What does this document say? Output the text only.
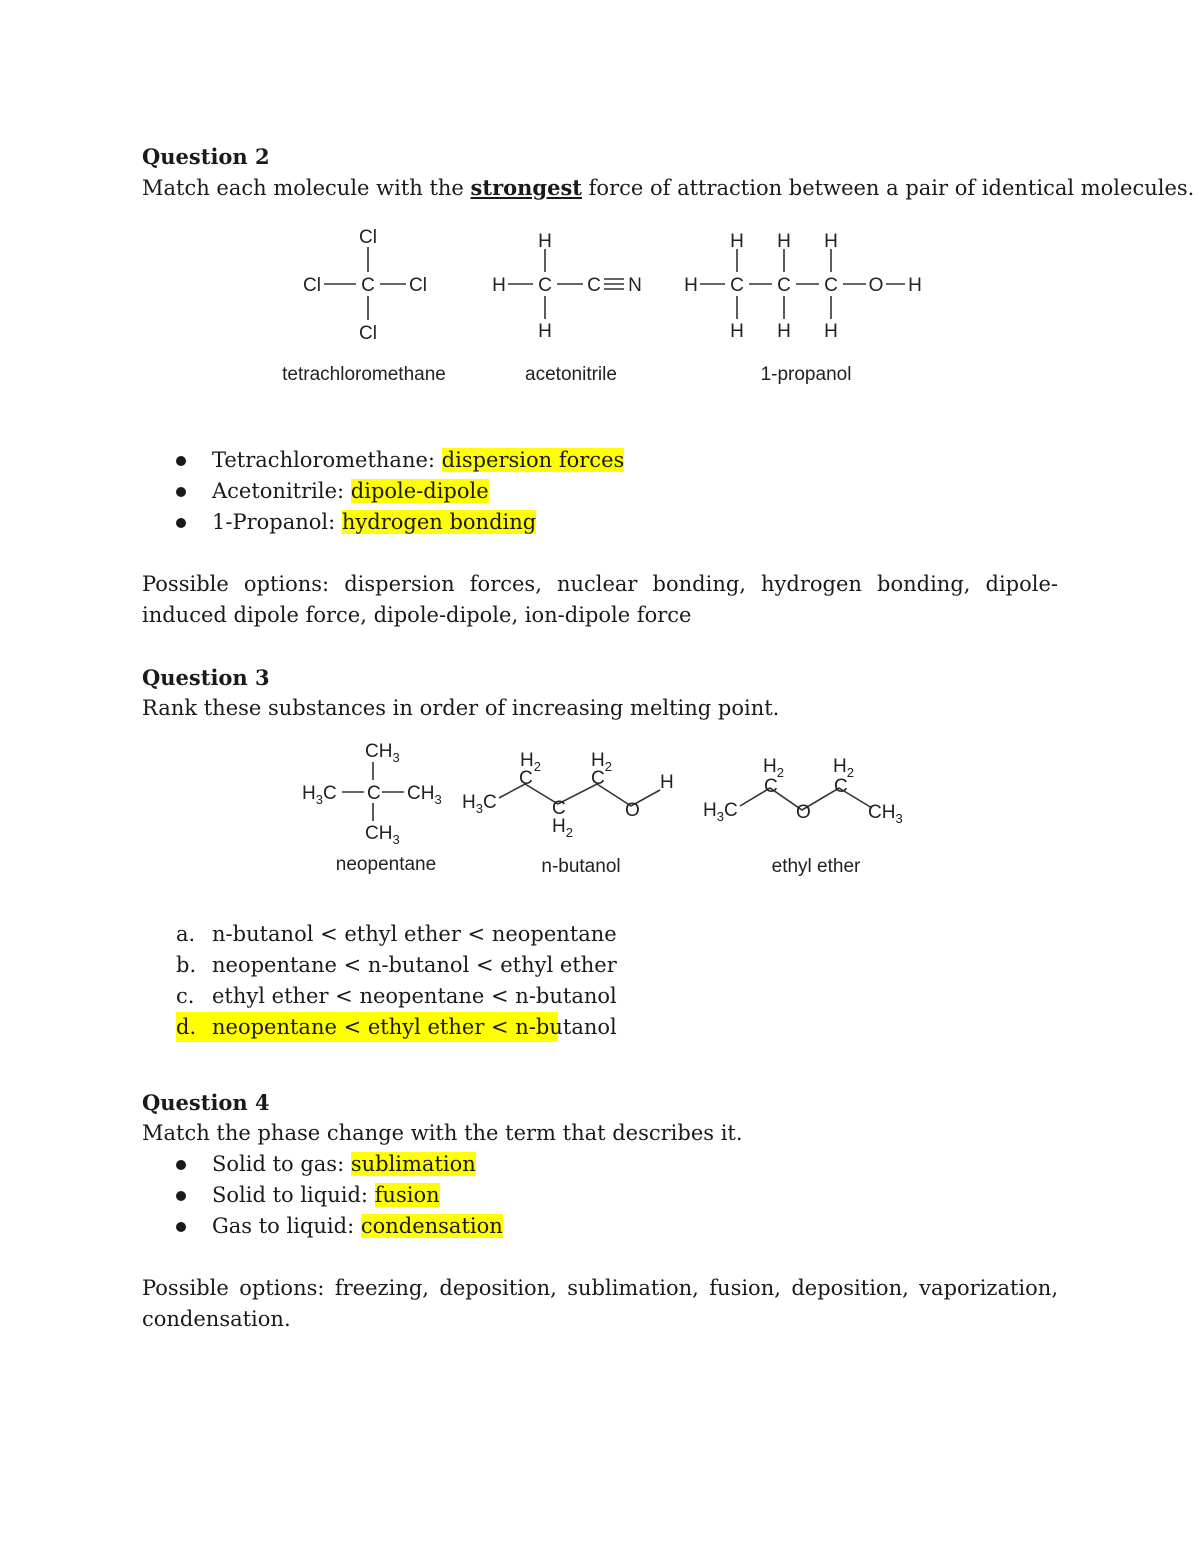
Question 2
Match each molecule with the strongest force of attraction between a pair of identical molecules.
Cl
Cl C Cl
Cl
H
H C C N
H
H H H
H C C C O H
H H H
tetrachloromethane	acetonitrile	1-propanol
Tetrachloromethane: dispersion forces
Acetonitrile: dipole-dipole
1-Propanol: hydrogen bonding
Possible options: dispersion forces, nuclear bonding, hydrogen bonding, dipole-induced dipole force, dipole-dipole, ion-dipole force
Question 3
Rank these substances in order of increasing melting point.
$CH_3$
$H_3C$ C $CH_3$
$CH_3$
$H_3C$
$H_2$
C
C
$H_2$
$H_2$
C
O
H
$H_3C$
$H_2$
C
O
$H_2$
C
$CH_3$
neopentane	n-butanol	ethyl ether
a. n-butanol < ethyl ether < neopentane
b. neopentane < n-butanol < ethyl ether
c. ethyl ether < neopentane < n-butanol
d. neopentane < ethyl ether < n-butanol
Question 4
Match the phase change with the term that describes it.
Solid to gas: sublimation
Solid to liquid: fusion
Gas to liquid: condensation
Possible options: freezing, deposition, sublimation, fusion, deposition, vaporization, condensation.
